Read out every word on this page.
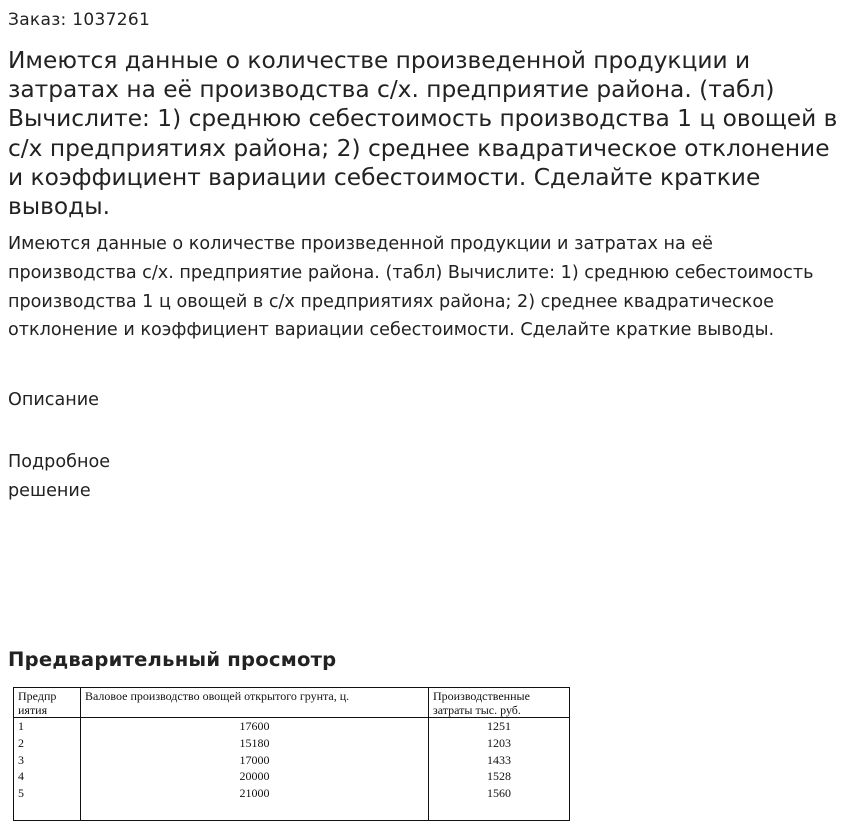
Заказ: 1037261
Имеются данные о количестве произведенной продукции и затратах на её производства с/х. предприятие района. (табл) Вычислите: 1) среднюю себестоимость производства 1 ц овощей в с/х предприятиях района; 2) среднее квадратическое отклонение и коэффициент вариации себестоимости. Сделайте краткие выводы.

Имеются данные о количестве произведенной продукции и затратах на её производства с/х. предприятие района. (табл) Вычислите: 1) среднюю себестоимость производства 1 ц овощей в с/х предприятиях района; 2) среднее квадратическое отклонение и коэффициент вариации себестоимости. Сделайте краткие выводы.

Описание
Подробное решение
Предварительный просмотр
Предпр
иятия	Валовое производство овощей открытого грунта, ц.	Производственные
затраты тыс. руб.

1	17600	1251
2	15180	1203
3	17000	1433
4	20000	1528
5	21000	1560
